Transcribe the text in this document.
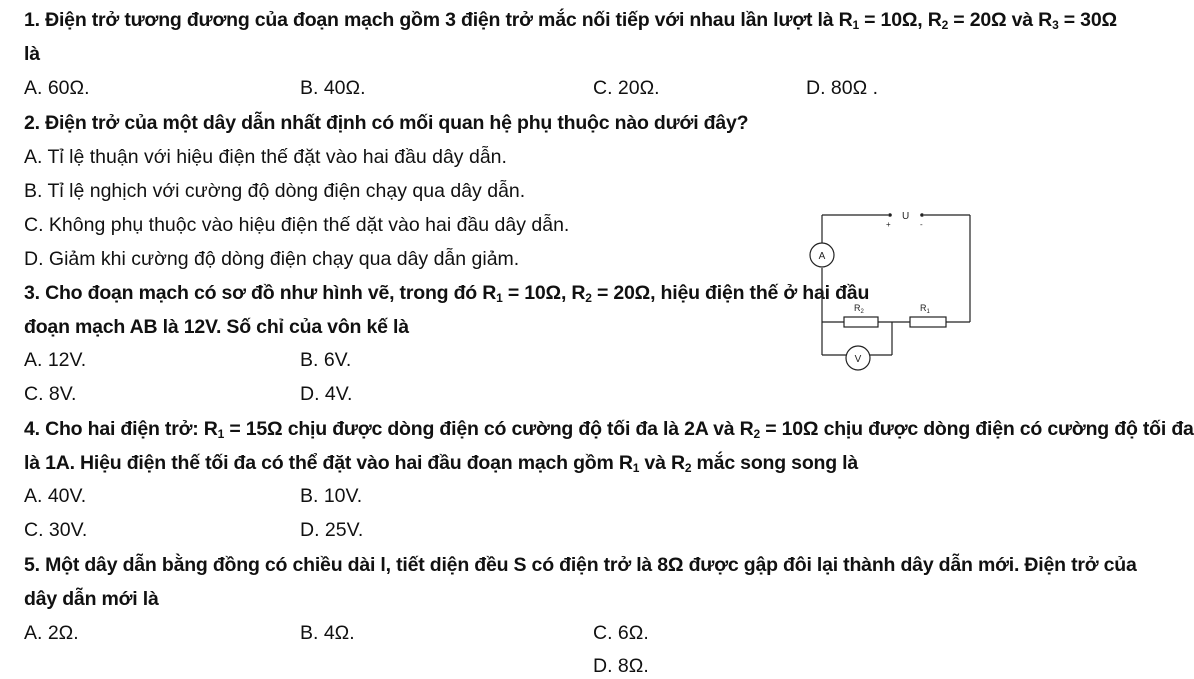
1. Điện trở tương đương của đoạn mạch gồm 3 điện trở mắc nối tiếp với nhau lần lượt là $R_1 = 10\Omega$, $R_2 = 20\Omega$ và $R_3 = 30\Omega$
là
A. 60Ω.	B. 40Ω.	C. 20Ω.	D. 80Ω .
2. Điện trở của một dây dẫn nhất định có mối quan hệ phụ thuộc nào dưới đây?
A. Tỉ lệ thuận với hiệu điện thế đặt vào hai đầu dây dẫn.
B. Tỉ lệ nghịch với cường độ dòng điện chạy qua dây dẫn.
C. Không phụ thuộc vào hiệu điện thế dặt vào hai đầu dây dẫn.
D. Giảm khi cường độ dòng điện chạy qua dây dẫn giảm.
3. Cho đoạn mạch có sơ đồ như hình vẽ, trong đó $R_1 = 10\Omega$, $R_2 = 20\Omega$, hiệu điện thế ở hai đầu
đoạn mạch AB là 12V. Số chỉ của vôn kế là
A. 12V.	B. 6V.
C. 8V.	D. 4V.
U
+	-
A
$R_2$	$R_1$
V
4. Cho hai điện trở: $R_1 = 15\Omega$ chịu được dòng điện có cường độ tối đa là 2A và $R_2 = 10\Omega$ chịu được dòng điện có cường độ tối đa
là 1A. Hiệu điện thế tối đa có thể đặt vào hai đầu đoạn mạch gồm $R_1$ và $R_2$ mắc song song là
A. 40V.	B. 10V.
C. 30V.	D. 25V.
5. Một dây dẫn bằng đồng có chiều dài l, tiết diện đều S có điện trở là 8Ω được gập đôi lại thành dây dẫn mới. Điện trở của
dây dẫn mới là
A. 2Ω.	B. 4Ω.	C. 6Ω.
D. 8Ω.
